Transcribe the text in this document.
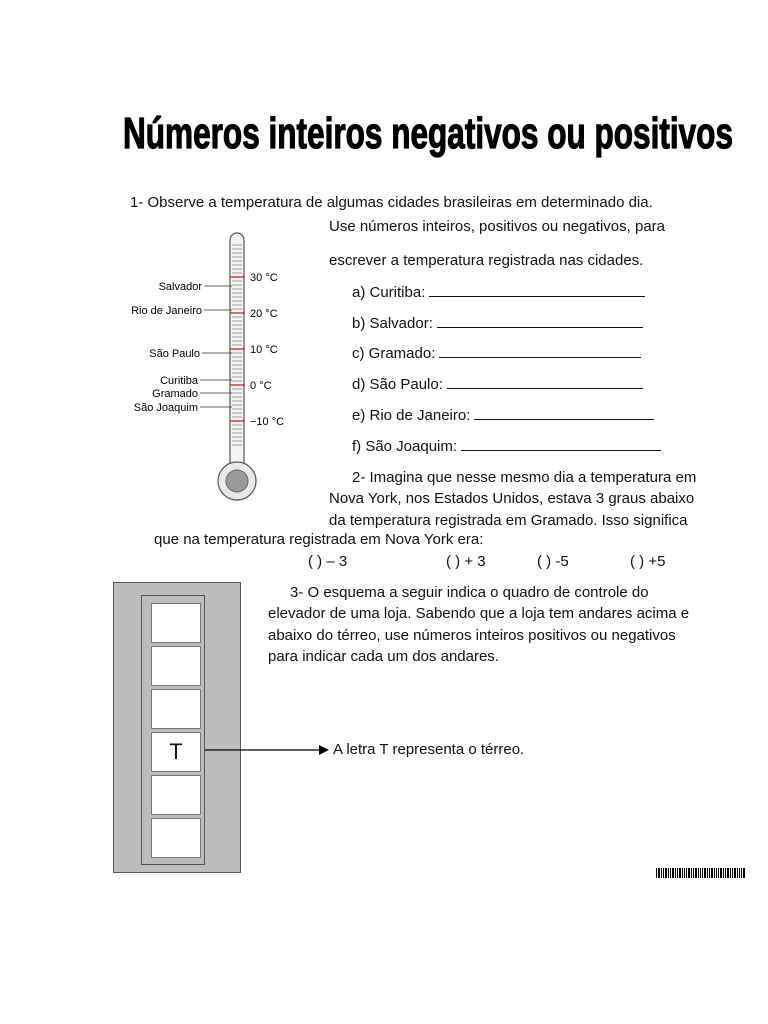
Números inteiros negativos ou positivos
1- Observe a temperatura de algumas cidades brasileiras em determinado dia.
Use números inteiros, positivos ou negativos, para
escrever a temperatura registrada nas cidades.
a) Curitiba:
b) Salvador:
c) Gramado:
d) São Paulo:
e) Rio de Janeiro:
f) São Joaquim:
30 °C
20 °C
10 °C
0 °C
−10 °C
Salvador
Rio de Janeiro
São Paulo
Curitiba
Gramado
São Joaquim
2- Imagina que nesse mesmo dia a temperatura em
Nova York, nos Estados Unidos, estava 3 graus abaixo
da temperatura registrada em Gramado. Isso significa
que na temperatura registrada em Nova York era:
( ) – 3	( ) + 3	( ) -5	( ) +5
3- O esquema a seguir indica o quadro de controle do
elevador de uma loja. Sabendo que a loja tem andares acima e
abaixo do térreo, use números inteiros positivos ou negativos
para indicar cada um dos andares.
T	A letra T representa o térreo.
